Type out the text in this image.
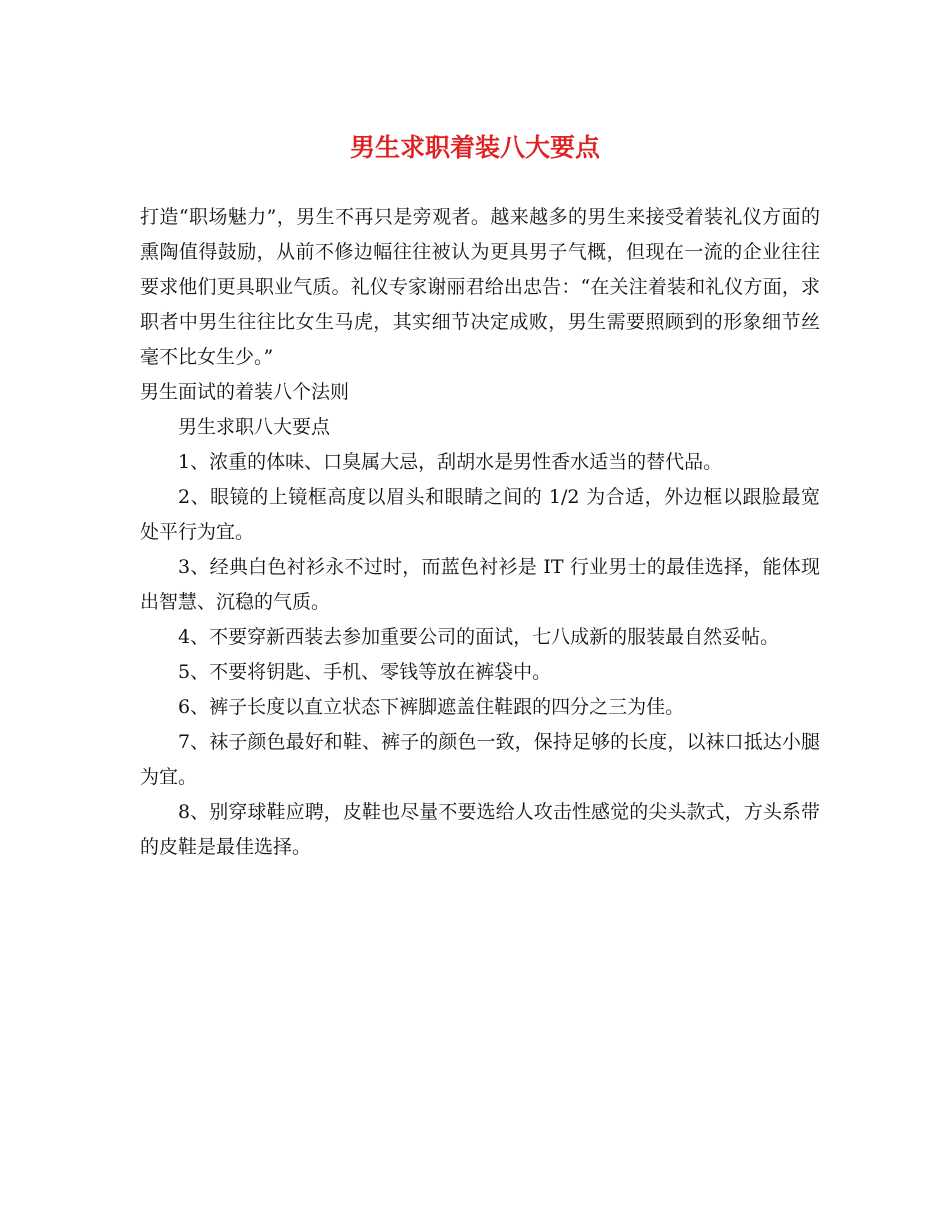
男生求职着装八大要点

打造“职场魅力”，男生不再只是旁观者。越来越多的男生来接受着装礼仪方面的熏陶值得鼓励，从前不修边幅往往被认为更具男子气概，但现在一流的企业往往要求他们更具职业气质。礼仪专家谢丽君给出忠告：“在关注着装和礼仪方面，求职者中男生往往比女生马虎，其实细节决定成败，男生需要照顾到的形象细节丝毫不比女生少。”

男生面试的着装八个法则

男生求职八大要点

1、浓重的体味、口臭属大忌，刮胡水是男性香水适当的替代品。

2、眼镜的上镜框高度以眉头和眼睛之间的 1/2 为合适，外边框以跟脸最宽处平行为宜。

3、经典白色衬衫永不过时，而蓝色衬衫是 IT 行业男士的最佳选择，能体现出智慧、沉稳的气质。

4、不要穿新西装去参加重要公司的面试，七八成新的服装最自然妥帖。

5、不要将钥匙、手机、零钱等放在裤袋中。

6、裤子长度以直立状态下裤脚遮盖住鞋跟的四分之三为佳。

7、袜子颜色最好和鞋、裤子的颜色一致，保持足够的长度，以袜口抵达小腿为宜。

8、别穿球鞋应聘，皮鞋也尽量不要选给人攻击性感觉的尖头款式，方头系带的皮鞋是最佳选择。
